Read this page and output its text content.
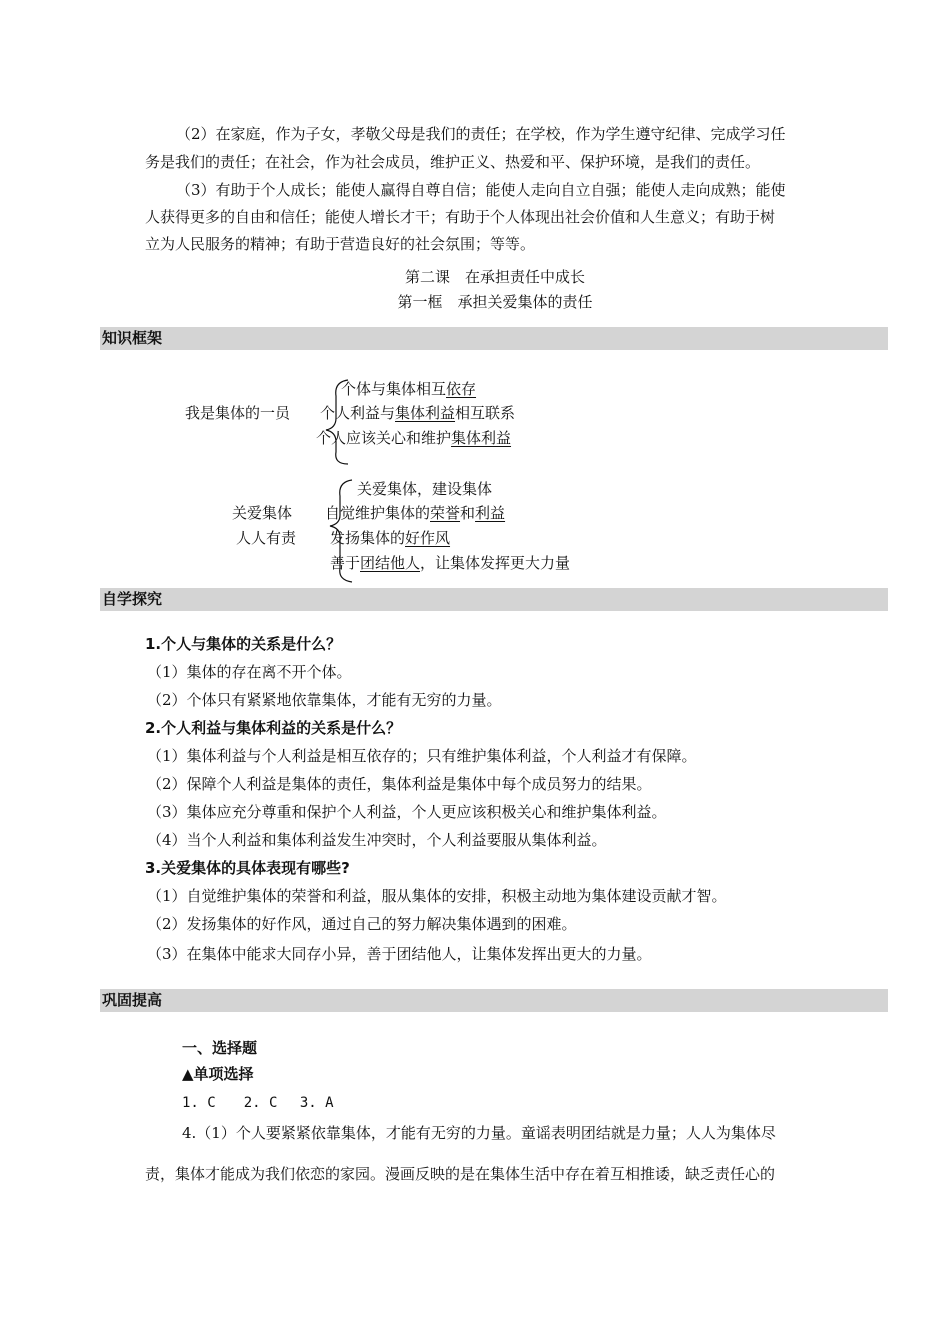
（2）在家庭，作为子女，孝敬父母是我们的责任；在学校，作为学生遵守纪律、完成学习任
务是我们的责任；在社会，作为社会成员，维护正义、热爱和平、保护环境，是我们的责任。
（3）有助于个人成长；能使人赢得自尊自信；能使人走向自立自强；能使人走向成熟；能使
人获得更多的自由和信任；能使人增长才干；有助于个人体现出社会价值和人生意义；有助于树
立为人民服务的精神；有助于营造良好的社会氛围；等等。
第二课　在承担责任中成长
第一框　承担关爱集体的责任
知识框架
我是集体的一员
个体与集体相互依存
个人利益与集体利益相互联系
个人应该关心和维护集体利益
关爱集体
人人有责
关爱集体，建设集体
自觉维护集体的荣誉和利益
发扬集体的好作风
善于团结他人，让集体发挥更大力量
自学探究
1.个人与集体的关系是什么？
（1）集体的存在离不开个体。
（2）个体只有紧紧地依靠集体，才能有无穷的力量。
2.个人利益与集体利益的关系是什么？
（1）集体利益与个人利益是相互依存的；只有维护集体利益，个人利益才有保障。
（2）保障个人利益是集体的责任，集体利益是集体中每个成员努力的结果。
（3）集体应充分尊重和保护个人利益，个人更应该积极关心和维护集体利益。
（4）当个人利益和集体利益发生冲突时，个人利益要服从集体利益。
3.关爱集体的具体表现有哪些?
（1）自觉维护集体的荣誉和利益，服从集体的安排，积极主动地为集体建设贡献才智。
（2）发扬集体的好作风，通过自己的努力解决集体遇到的困难。
（3）在集体中能求大同存小异，善于团结他人，让集体发挥出更大的力量。
巩固提高
一、选择题
▲单项选择
1. C　　2. C　 3. A
4.（1）个人要紧紧依靠集体，才能有无穷的力量。童谣表明团结就是力量；人人为集体尽
责，集体才能成为我们依恋的家园。漫画反映的是在集体生活中存在着互相推诿，缺乏责任心的
